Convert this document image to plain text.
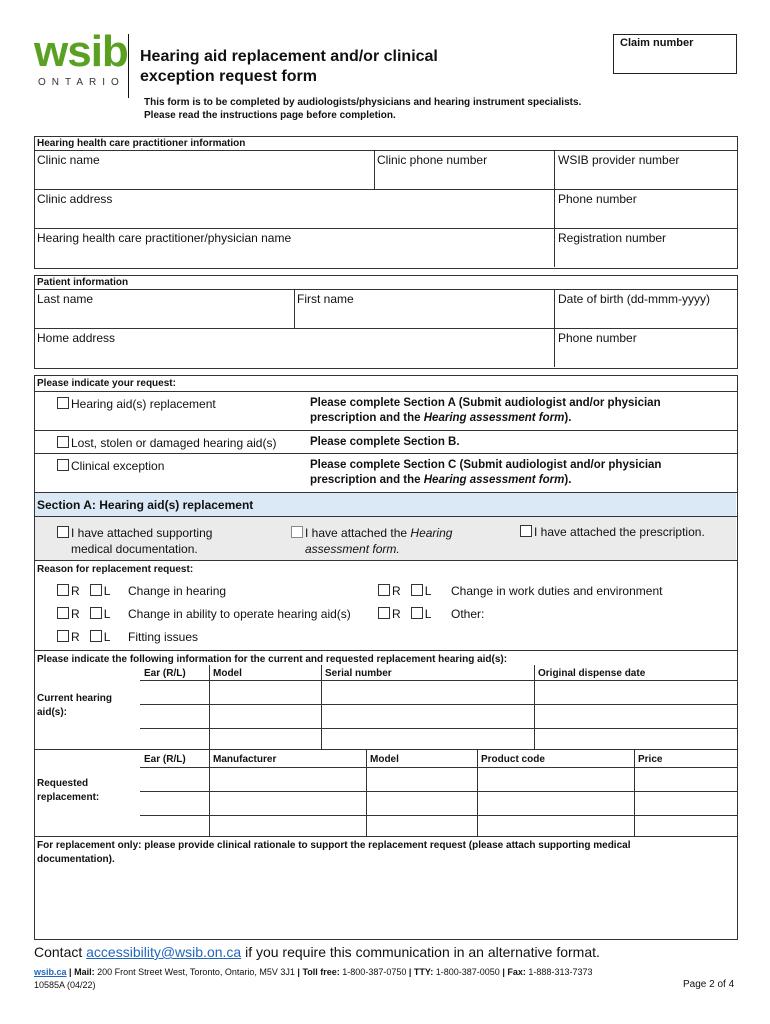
wsib
ONTARIO
Hearing aid replacement and/or clinical exception request form
This form is to be completed by audiologists/physicians and hearing instrument specialists. Please read the instructions page before completion.
Claim number
Hearing health care practitioner information
Clinic name	Clinic phone number	WSIB provider number
Clinic address	Phone number
Hearing health care practitioner/physician name	Registration number
Patient information
Last name	First name	Date of birth (dd-mmm-yyyy)
Home address	Phone number
Please indicate your request:
Hearing aid(s) replacement	Please complete Section A (Submit audiologist and/or physician
prescription and the Hearing assessment form).
Lost, stolen or damaged hearing aid(s)	Please complete Section B.
Clinical exception	Please complete Section C (Submit audiologist and/or physician
prescription and the Hearing assessment form).
Section A: Hearing aid(s) replacement
I have attached supporting
medical documentation.
I have attached the Hearing
assessment form.
I have attached the prescription.
Reason for replacement request:
R L Change in hearing	R L Change in work duties and environment
R L Change in ability to operate hearing aid(s)	R L Other:
R L Fitting issues
Please indicate the following information for the current and requested replacement hearing aid(s):
Ear (R/L)	Model	Serial number	Original dispense date
Current hearing aid(s):
Ear (R/L)	Manufacturer	Model	Product code	Price
Requested replacement:
For replacement only: please provide clinical rationale to support the replacement request (please attach supporting medical documentation).
Contact accessibility@wsib.on.ca if you require this communication in an alternative format.
wsib.ca | Mail: 200 Front Street West, Toronto, Ontario, M5V 3J1 | Toll free: 1-800-387-0750 | TTY: 1-800-387-0050 | Fax: 1-888-313-7373
10585A (04/22)	Page 2 of 4
